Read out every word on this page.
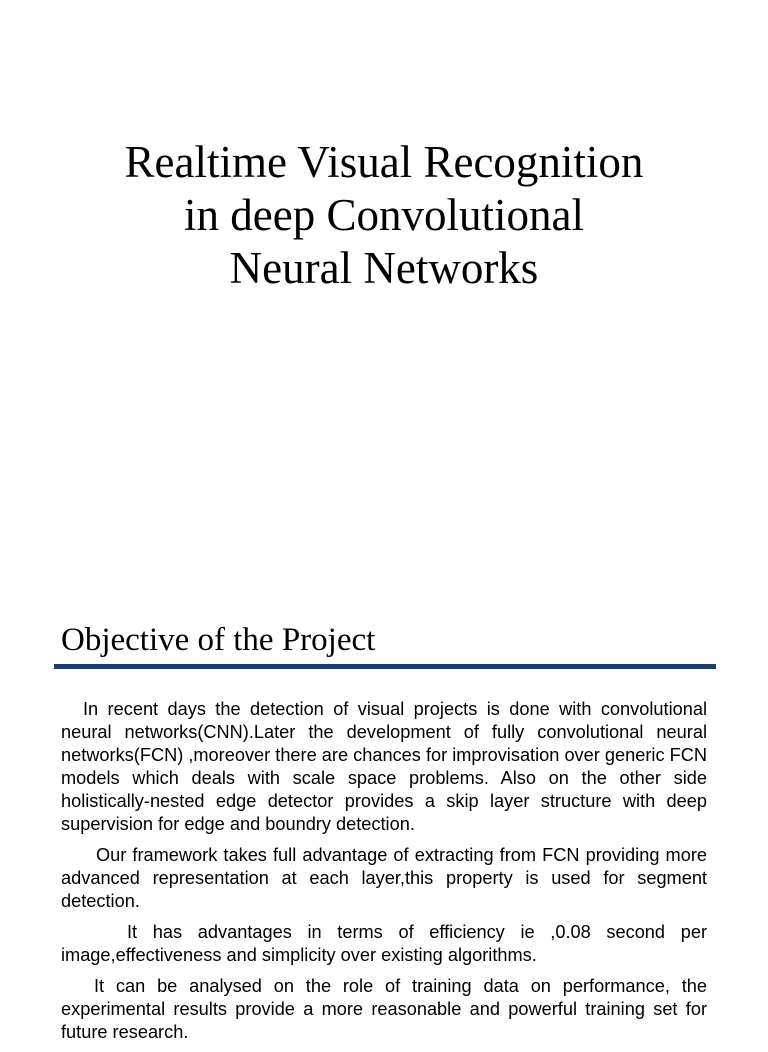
Realtime Visual Recognition
in deep Convolutional
Neural Networks
Objective of the Project

In recent days the detection of visual projects is done with convolutional neural networks(CNN).Later the development of fully convolutional neural networks(FCN) ,moreover there are chances for improvisation over generic FCN models which deals with scale space problems. Also on the other side holistically-nested edge detector provides a skip layer structure with deep supervision for edge and boundry detection.

Our framework takes full advantage of extracting from FCN providing more advanced representation at each layer,this property is used for segment detection.

It has advantages in terms of efficiency ie ,0.08 second per image,effectiveness and simplicity over existing algorithms.

It can be analysed on the role of training data on performance, the experimental results provide a more reasonable and powerful training set for future research.
